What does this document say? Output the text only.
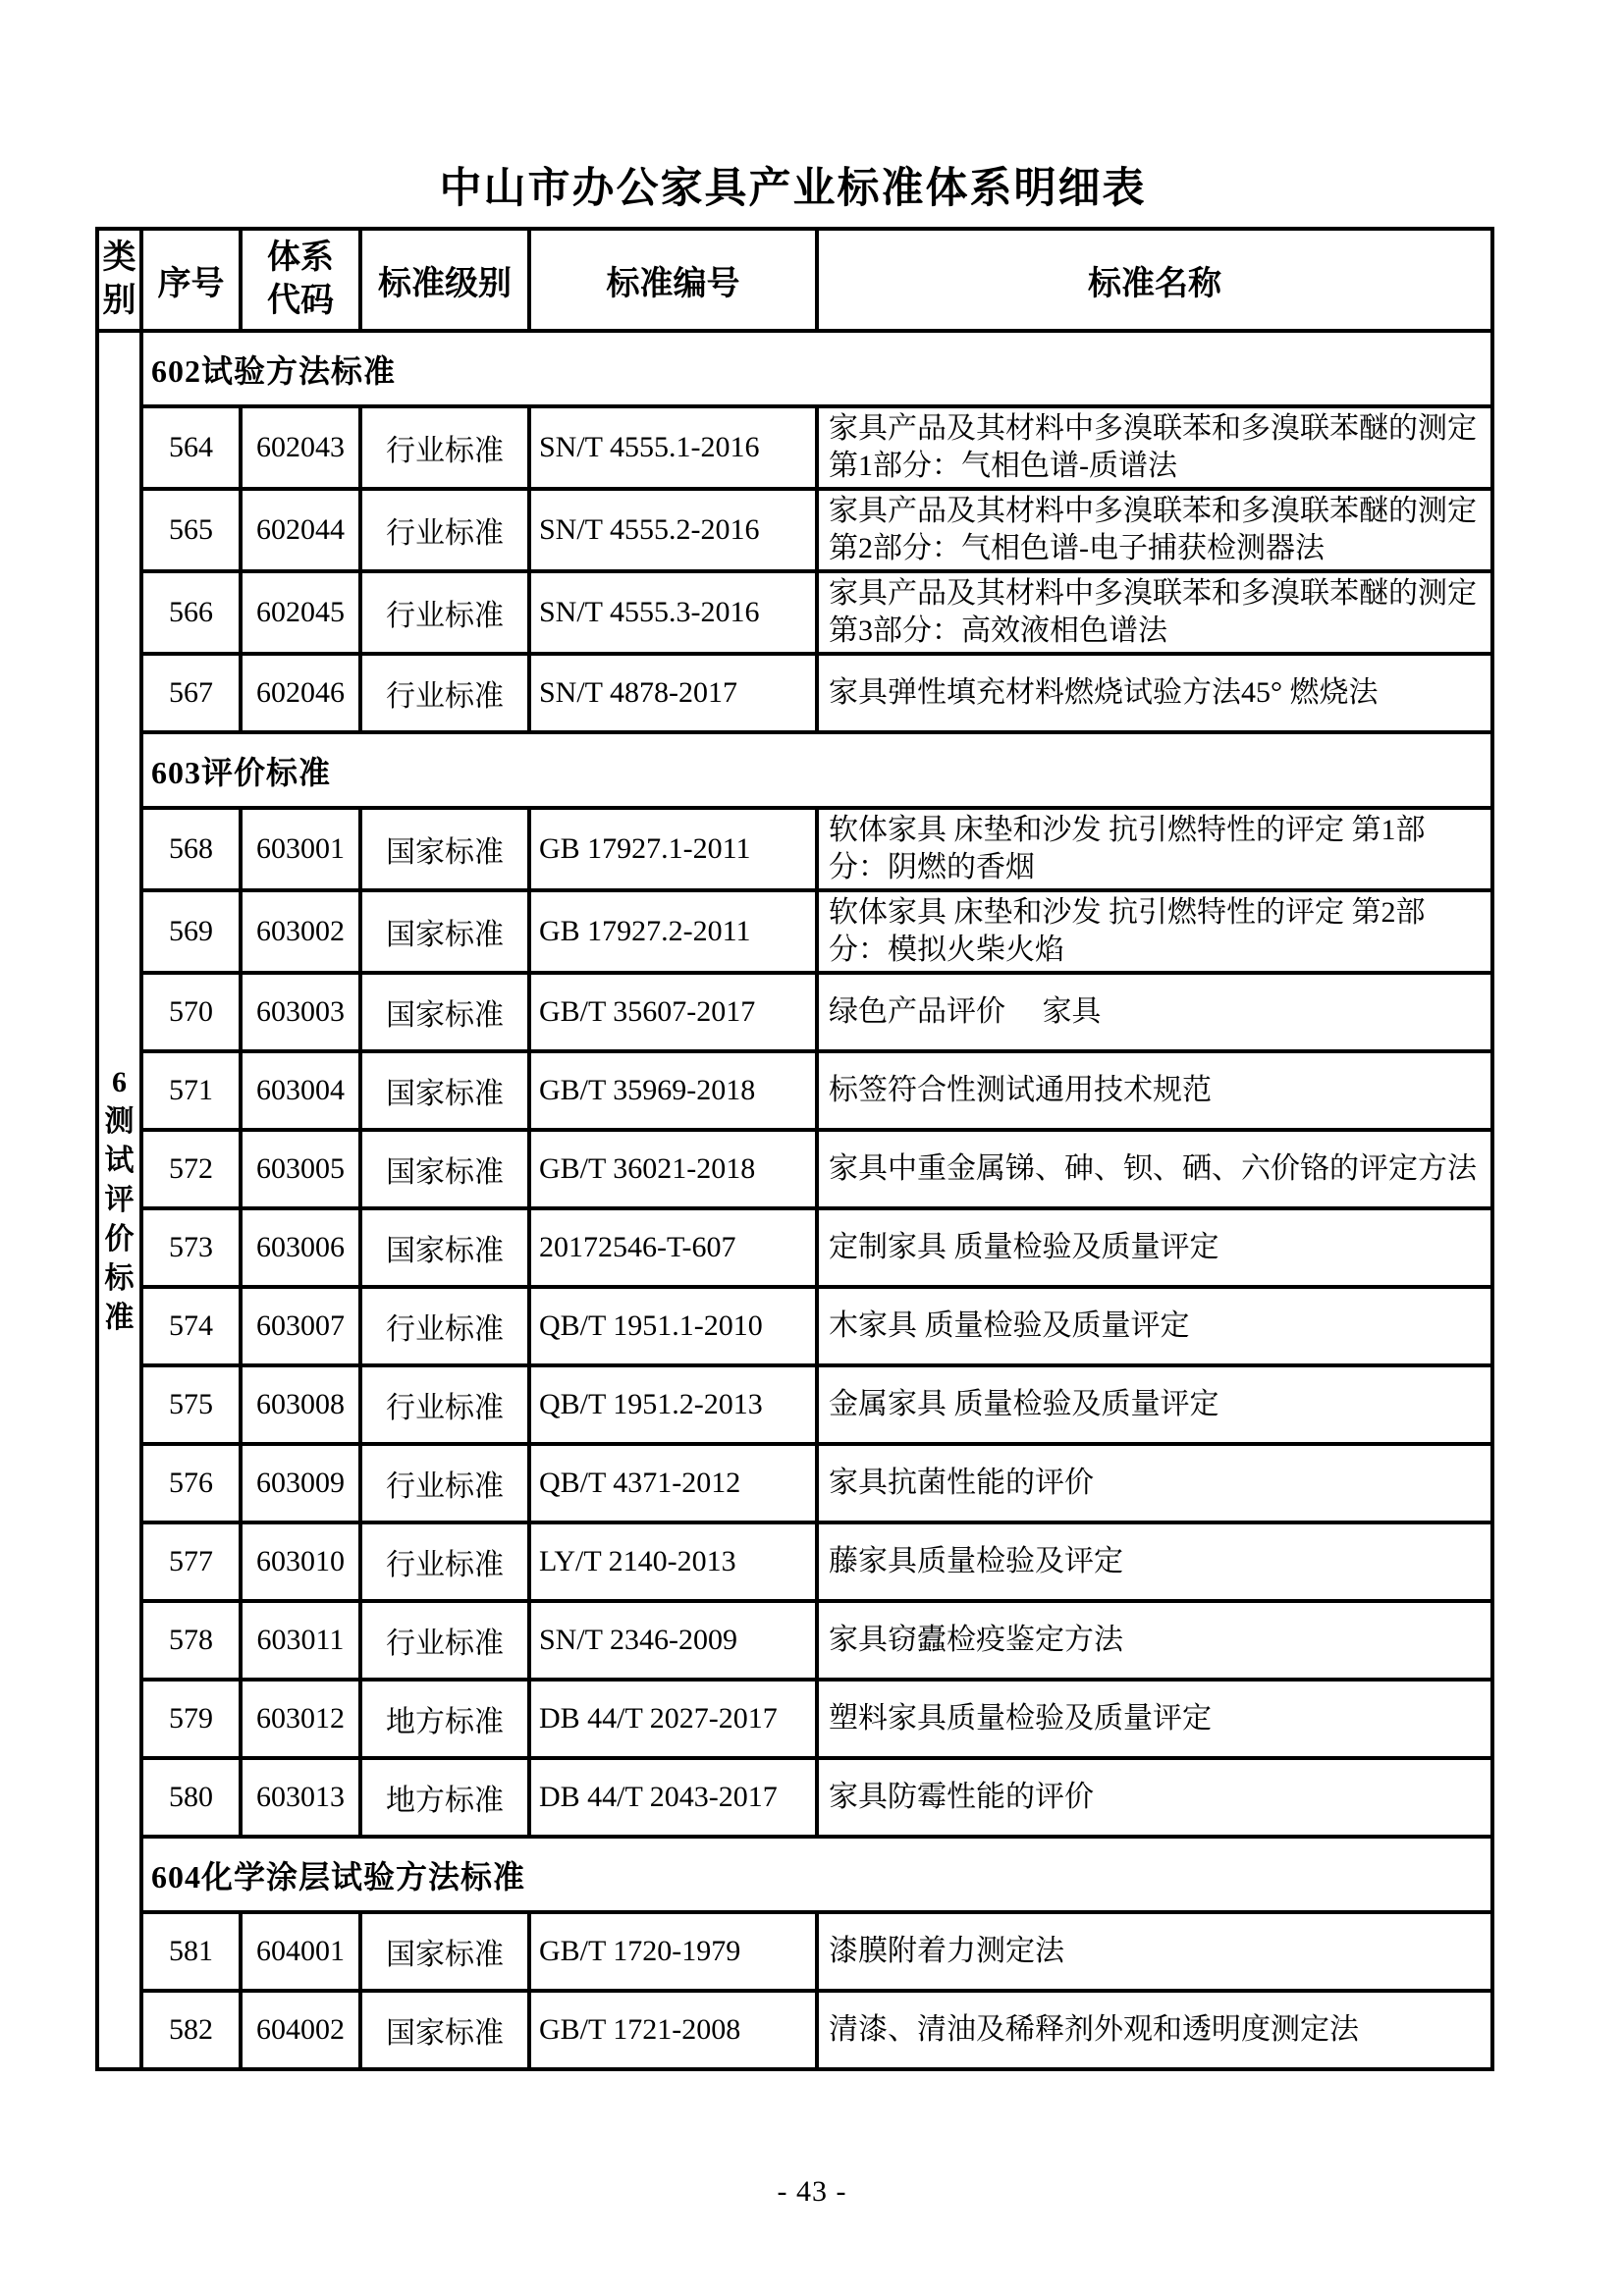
中山市办公家具产业标准体系明细表
类别	序号	体系代码	标准级别	标准编号	标准名称

6测试评价标准	602试验方法标准				
	564	602043	行业标准	SN/T 4555.1-2016	家具产品及其材料中多溴联苯和多溴联苯醚的测定 第1部分：气相色谱-质谱法
	565	602044	行业标准	SN/T 4555.2-2016	家具产品及其材料中多溴联苯和多溴联苯醚的测定 第2部分：气相色谱-电子捕获检测器法
	566	602045	行业标准	SN/T 4555.3-2016	家具产品及其材料中多溴联苯和多溴联苯醚的测定 第3部分：高效液相色谱法
	567	602046	行业标准	SN/T 4878-2017	家具弹性填充材料燃烧试验方法45° 燃烧法
	603评价标准				
	568	603001	国家标准	GB 17927.1-2011	软体家具 床垫和沙发 抗引燃特性的评定 第1部分：阴燃的香烟
	569	603002	国家标准	GB 17927.2-2011	软体家具 床垫和沙发 抗引燃特性的评定 第2部分：模拟火柴火焰
	570	603003	国家标准	GB/T 35607-2017	绿色产品评价　 家具
	571	603004	国家标准	GB/T 35969-2018	标签符合性测试通用技术规范
	572	603005	国家标准	GB/T 36021-2018	家具中重金属锑、砷、钡、硒、六价铬的评定方法
	573	603006	国家标准	20172546-T-607	定制家具 质量检验及质量评定
	574	603007	行业标准	QB/T 1951.1-2010	木家具 质量检验及质量评定
	575	603008	行业标准	QB/T 1951.2-2013	金属家具 质量检验及质量评定
	576	603009	行业标准	QB/T 4371-2012	家具抗菌性能的评价
	577	603010	行业标准	LY/T 2140-2013	藤家具质量检验及评定
	578	603011	行业标准	SN/T 2346-2009	家具窃蠹检疫鉴定方法
	579	603012	地方标准	DB 44/T 2027-2017	塑料家具质量检验及质量评定
	580	603013	地方标准	DB 44/T 2043-2017	家具防霉性能的评价
	604化学涂层试验方法标准				
	581	604001	国家标准	GB/T 1720-1979	漆膜附着力测定法
	582	604002	国家标准	GB/T 1721-2008	清漆、清油及稀释剂外观和透明度测定法
- 43 -
